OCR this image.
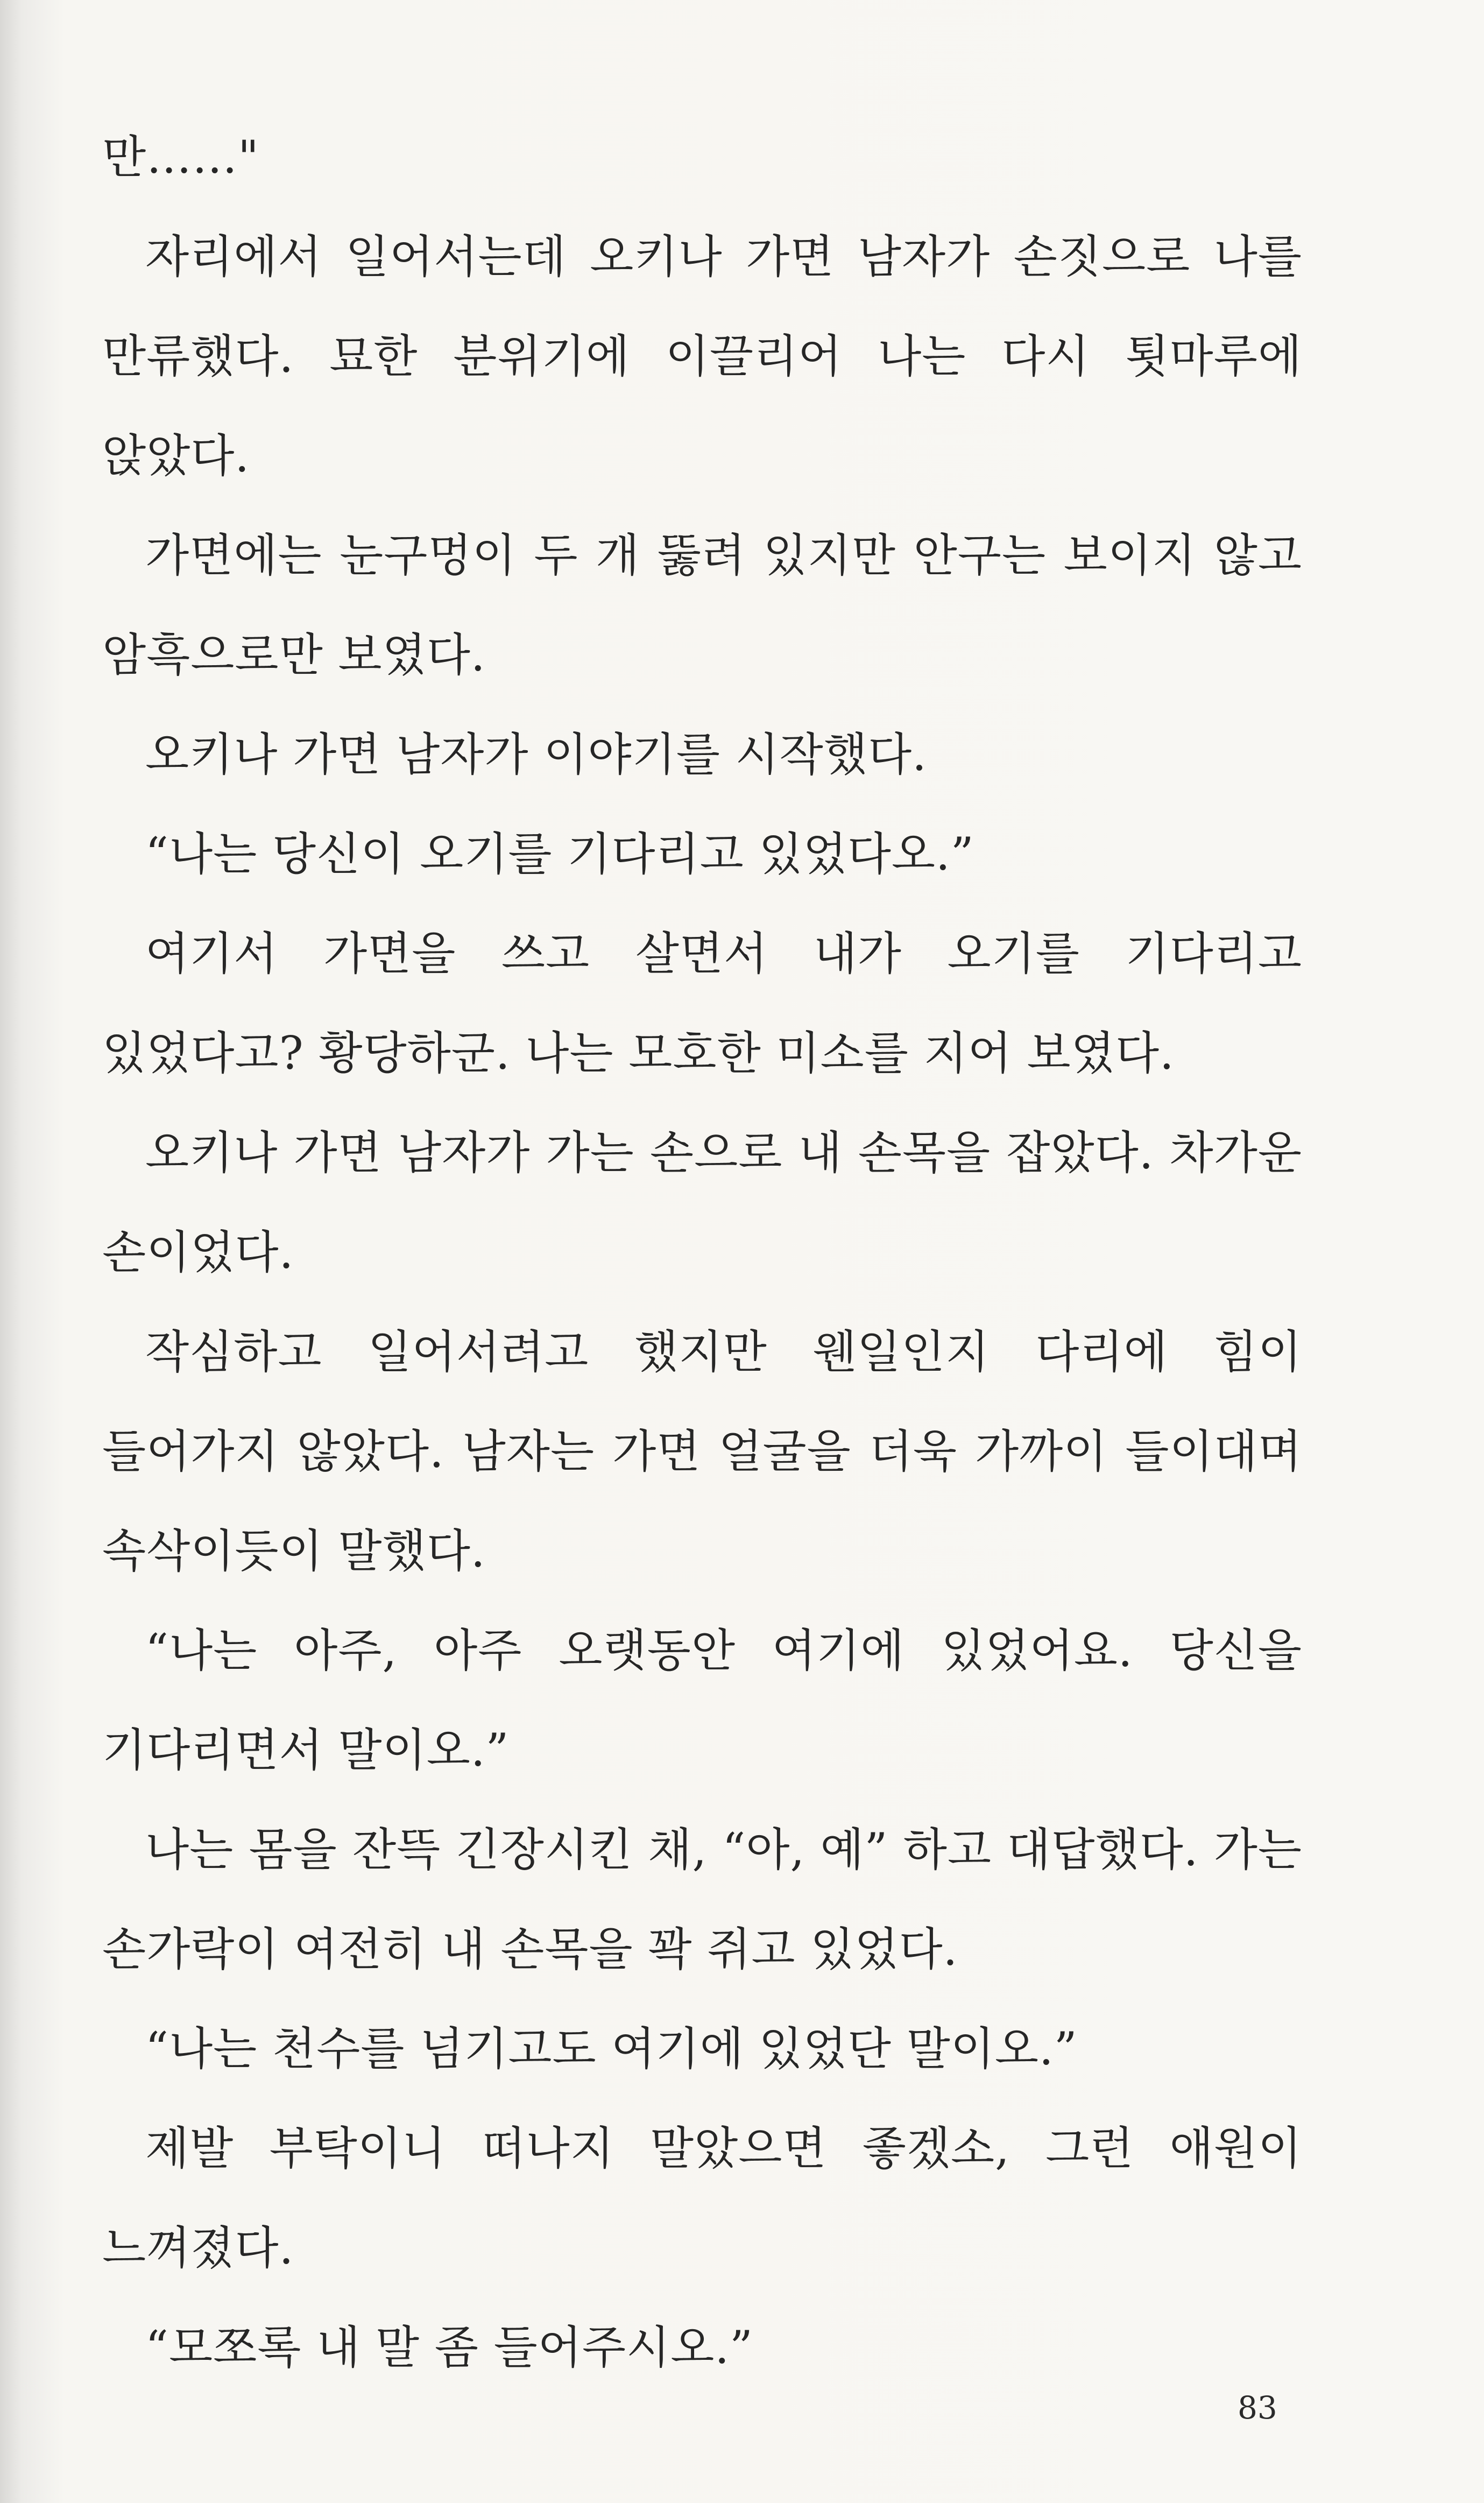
만……"

자리에서 일어서는데 오키나 가면 남자가 손짓으로 나를 만류했다. 묘한 분위기에 이끌리어 나는 다시 툇마루에 앉았다.

가면에는 눈구멍이 두 개 뚫려 있지만 안구는 보이지 않고 암흑으로만 보였다.

오키나 가면 남자가 이야기를 시작했다.

“나는 당신이 오기를 기다리고 있었다오.”

여기서 가면을 쓰고 살면서 내가 오기를 기다리고 있었다고? 황당하군. 나는 모호한 미소를 지어 보였다.

오키나 가면 남자가 가는 손으로 내 손목을 잡았다. 차가운 손이었다.

작심하고 일어서려고 했지만 웬일인지 다리에 힘이 들어가지 않았다. 남자는 가면 얼굴을 더욱 가까이 들이대며 속삭이듯이 말했다.

“나는 아주, 아주 오랫동안 여기에 있었어요. 당신을 기다리면서 말이오.”

나는 몸을 잔뜩 긴장시킨 채, “아, 예” 하고 대답했다. 가는 손가락이 여전히 내 손목을 꽉 쥐고 있었다.

“나는 천수를 넘기고도 여기에 있었단 말이오.”

제발 부탁이니 떠나지 말았으면 좋겠소, 그런 애원이 느껴졌다.

“모쪼록 내 말 좀 들어주시오.”

83
